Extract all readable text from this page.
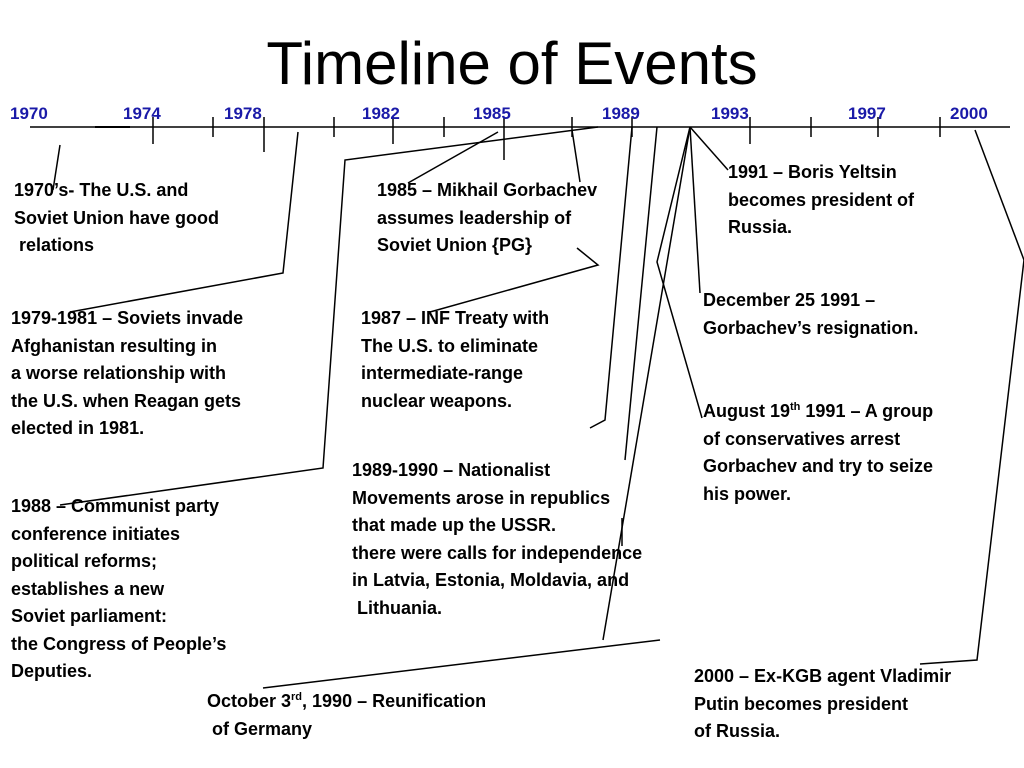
Timeline of Events
1970	1974	1978	1982	1985	1989	1993	1997	2000
1970’s- The U.S. and
Soviet Union have good
relations
1979-1981 – Soviets invade
Afghanistan resulting in
a worse relationship with
the U.S. when Reagan gets
elected in 1981.
1988 – Communist party
conference initiates
political reforms;
establishes a new
Soviet parliament:
the Congress of People’s
Deputies.
1985 – Mikhail Gorbachev
assumes leadership of
Soviet Union {PG}
1987 – INF Treaty with
The U.S. to eliminate
intermediate-range
nuclear weapons.
1989-1990 – Nationalist
Movements arose in republics
that made up the USSR.
there were calls for independence
in Latvia, Estonia, Moldavia, and
Lithuania.
October 3rd, 1990 – Reunification
of Germany
1991 – Boris Yeltsin
becomes president of
Russia.
December 25 1991 –
Gorbachev’s resignation.
August 19th 1991 – A group
of conservatives arrest
Gorbachev and try to seize
his power.
2000 – Ex-KGB agent Vladimir
Putin becomes president
of Russia.
